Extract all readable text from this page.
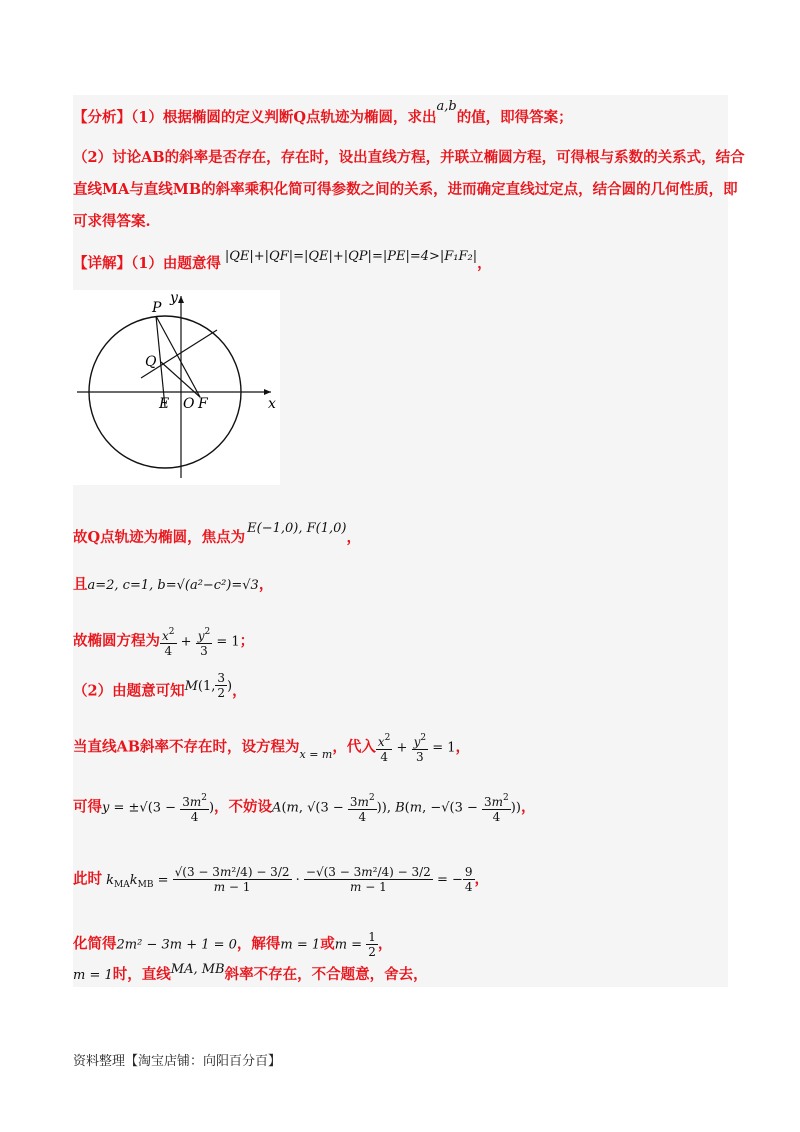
【分析】（1）根据椭圆的定义判断Q点轨迹为椭圆，求出a,b的值，即得答案；
（2）讨论AB的斜率是否存在，存在时，设出直线方程，并联立椭圆方程，可得根与系数的关系式，结合
直线MA与直线MB的斜率乘积化简可得参数之间的关系，进而确定直线过定点，结合圆的几何性质，即
可求得答案.
【详解】（1）由题意得 |QE|+|QF|=|QE|+|QP|=|PE|=4>|F₁F₂|，
P
Q
E O F	x
y
故Q点轨迹为椭圆，焦点为E(−1,0), F(1,0)，
且a=2, c=1, b=√(a²−c²)=√3，
故椭圆方程为 $\frac{x^2}{4} + \frac{y^2}{3} = 1$；
（2）由题意可知M(1, $\frac{3}{2}$ )，
当直线AB斜率不存在时，设方程为$_{x = m}$，代入 $\frac{x^2}{4} + \frac{y^2}{3} = 1$，
可得$y = \pm√(3 - \frac{3m^2}{4}$ )，不妨设A(m, $√(3 - \frac{3m^2}{4}$ )), B(m, $-√(3 - \frac{3m^2}{4}$ ))，
此时 $k_{MA}k_{MB} = \frac{\text{√(3 − 3m²/4) − 3/2}}{m - 1} \cdot \frac{\text{−√(3 − 3m²/4) − 3/2}}{m - 1}$ = − $\frac{9}{4}$ ，
化简得2m² − 3m + 1 = 0，解得m = 1或$m = \frac{1}{2}$ ，
m = 1时，直线MA, MB斜率不存在，不合题意，舍去，
资料整理【淘宝店铺：向阳百分百】
